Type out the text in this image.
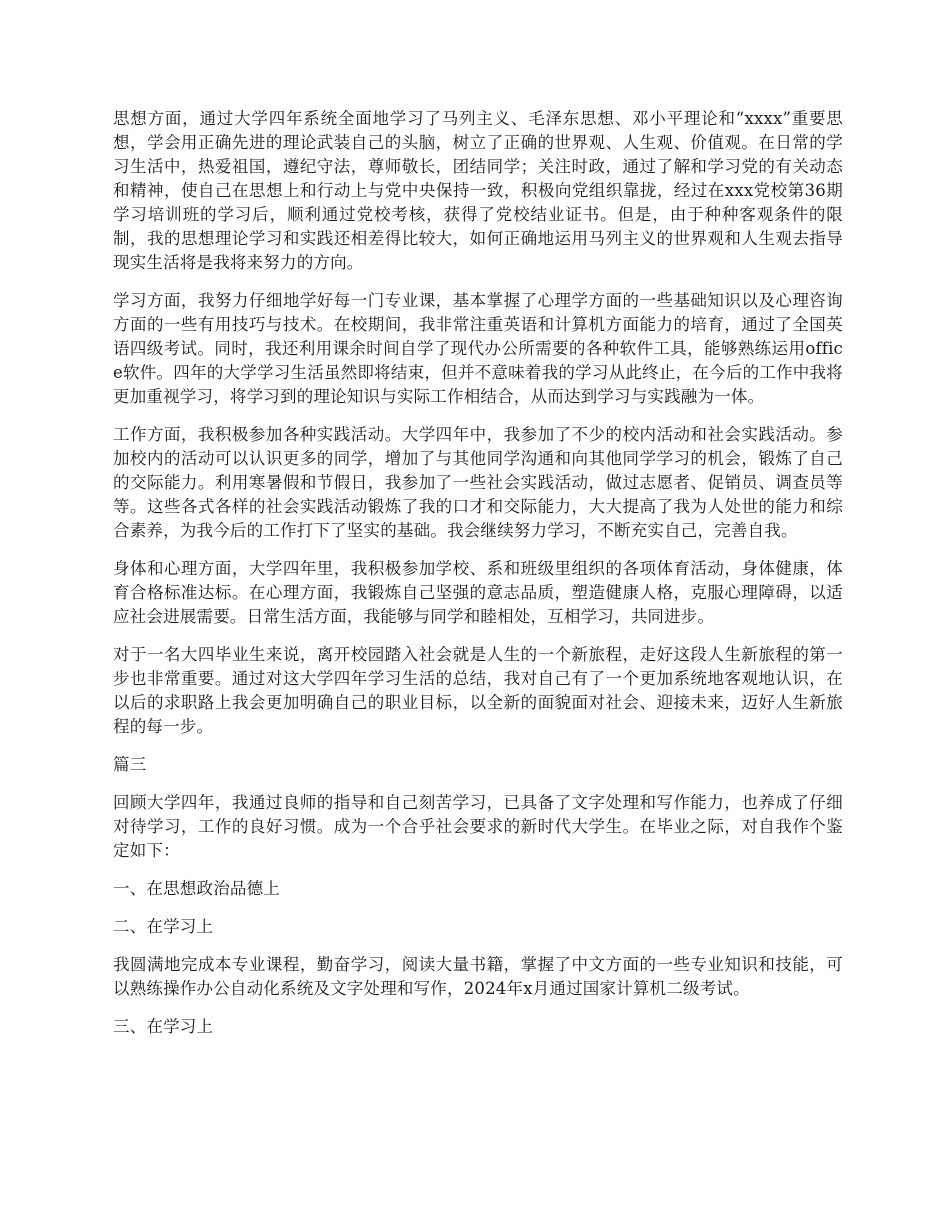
思想方面，通过大学四年系统全面地学习了马列主义、毛泽东思想、邓小平理论和“xxxx”重要思想，学会用正确先进的理论武装自己的头脑，树立了正确的世界观、人生观、价值观。在日常的学习生活中，热爱祖国，遵纪守法，尊师敬长，团结同学；关注时政，通过了解和学习党的有关动态和精神，使自己在思想上和行动上与党中央保持一致，积极向党组织靠拢，经过在xxx党校第36期学习培训班的学习后，顺利通过党校考核，获得了党校结业证书。但是，由于种种客观条件的限制，我的思想理论学习和实践还相差得比较大，如何正确地运用马列主义的世界观和人生观去指导现实生活将是我将来努力的方向。

学习方面，我努力仔细地学好每一门专业课，基本掌握了心理学方面的一些基础知识以及心理咨询方面的一些有用技巧与技术。在校期间，我非常注重英语和计算机方面能力的培育，通过了全国英语四级考试。同时，我还利用课余时间自学了现代办公所需要的各种软件工具，能够熟练运用office软件。四年的大学学习生活虽然即将结束，但并不意味着我的学习从此终止，在今后的工作中我将更加重视学习，将学习到的理论知识与实际工作相结合，从而达到学习与实践融为一体。

工作方面，我积极参加各种实践活动。大学四年中，我参加了不少的校内活动和社会实践活动。参加校内的活动可以认识更多的同学，增加了与其他同学沟通和向其他同学学习的机会，锻炼了自己的交际能力。利用寒暑假和节假日，我参加了一些社会实践活动，做过志愿者、促销员、调查员等等。这些各式各样的社会实践活动锻炼了我的口才和交际能力，大大提高了我为人处世的能力和综合素养，为我今后的工作打下了坚实的基础。我会继续努力学习，不断充实自己，完善自我。

身体和心理方面，大学四年里，我积极参加学校、系和班级里组织的各项体育活动，身体健康，体育合格标准达标。在心理方面，我锻炼自己坚强的意志品质，塑造健康人格，克服心理障碍，以适应社会进展需要。日常生活方面，我能够与同学和睦相处，互相学习，共同进步。

对于一名大四毕业生来说，离开校园踏入社会就是人生的一个新旅程，走好这段人生新旅程的第一步也非常重要。通过对这大学四年学习生活的总结，我对自己有了一个更加系统地客观地认识，在以后的求职路上我会更加明确自己的职业目标，以全新的面貌面对社会、迎接未来，迈好人生新旅程的每一步。

篇三

回顾大学四年，我通过良师的指导和自己刻苦学习，已具备了文字处理和写作能力，也养成了仔细对待学习，工作的良好习惯。成为一个合乎社会要求的新时代大学生。在毕业之际，对自我作个鉴定如下：

一、在思想政治品德上

二、在学习上

我圆满地完成本专业课程，勤奋学习，阅读大量书籍，掌握了中文方面的一些专业知识和技能，可以熟练操作办公自动化系统及文字处理和写作，2024年x月通过国家计算机二级考试。

三、在学习上
